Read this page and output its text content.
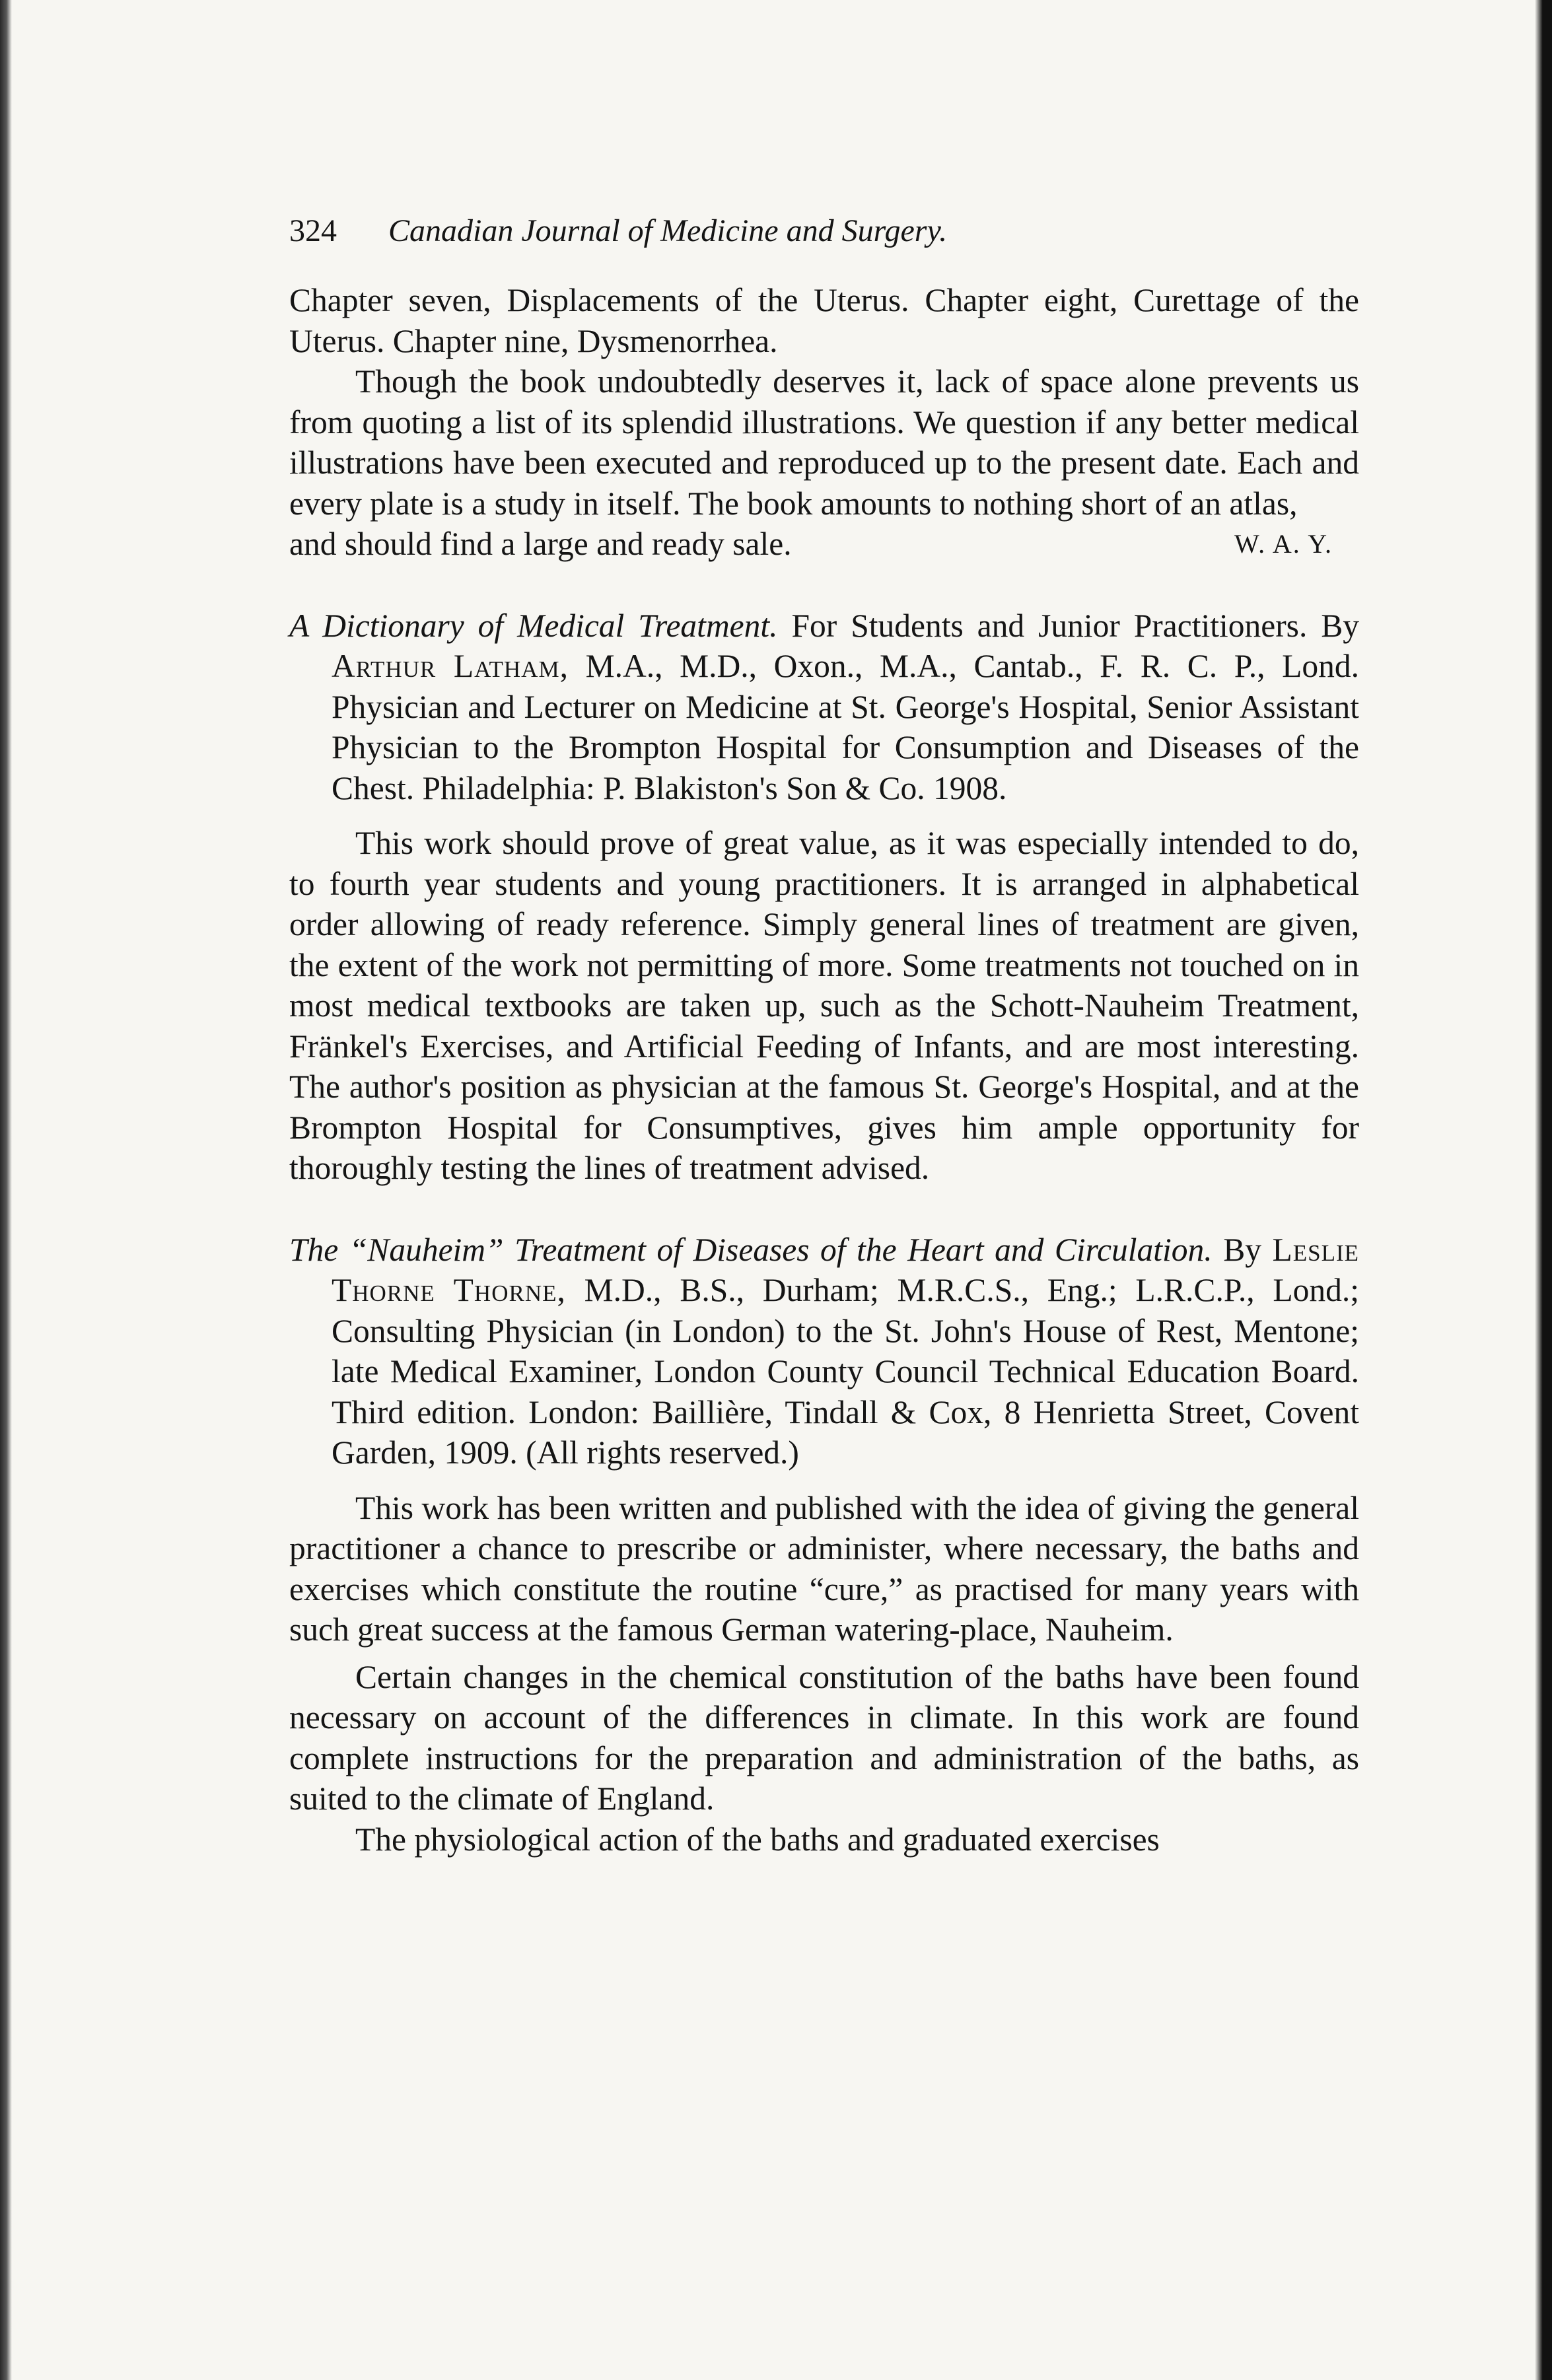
324 Canadian Journal of Medicine and Surgery.

Chapter seven, Displacements of the Uterus. Chapter eight, Curettage of the Uterus. Chapter nine, Dysmenorrhea.

Though the book undoubtedly deserves it, lack of space alone prevents us from quoting a list of its splendid illustrations. We question if any better medical illustrations have been executed and reproduced up to the present date. Each and every plate is a study in itself. The book amounts to nothing short of an atlas,

and should find a large and ready sale.	W. A. Y.

A Dictionary of Medical Treatment. For Students and Junior Practitioners. By Arthur Latham, M.A., M.D., Oxon., M.A., Cantab., F. R. C. P., Lond. Physician and Lecturer on Medicine at St. George's Hospital, Senior Assistant Physician to the Brompton Hospital for Consumption and Diseases of the Chest. Philadelphia: P. Blakiston's Son & Co. 1908.

This work should prove of great value, as it was especially intended to do, to fourth year students and young practitioners. It is arranged in alphabetical order allowing of ready reference. Simply general lines of treatment are given, the extent of the work not permitting of more. Some treatments not touched on in most medical textbooks are taken up, such as the Schott-Nauheim Treatment, Fränkel's Exercises, and Artificial Feeding of Infants, and are most interesting. The author's position as physician at the famous St. George's Hospital, and at the Brompton Hospital for Consumptives, gives him ample opportunity for thoroughly testing the lines of treatment advised.

The “Nauheim” Treatment of Diseases of the Heart and Circulation. By Leslie Thorne Thorne, M.D., B.S., Durham; M.R.C.S., Eng.; L.R.C.P., Lond.; Consulting Physician (in London) to the St. John's House of Rest, Mentone; late Medical Examiner, London County Council Technical Education Board. Third edition. London: Baillière, Tindall & Cox, 8 Henrietta Street, Covent Garden, 1909. (All rights reserved.)

This work has been written and published with the idea of giving the general practitioner a chance to prescribe or administer, where necessary, the baths and exercises which constitute the routine “cure,” as practised for many years with such great success at the famous German watering-place, Nauheim.

Certain changes in the chemical constitution of the baths have been found necessary on account of the differences in climate. In this work are found complete instructions for the preparation and administration of the baths, as suited to the climate of England.

The physiological action of the baths and graduated exercises
